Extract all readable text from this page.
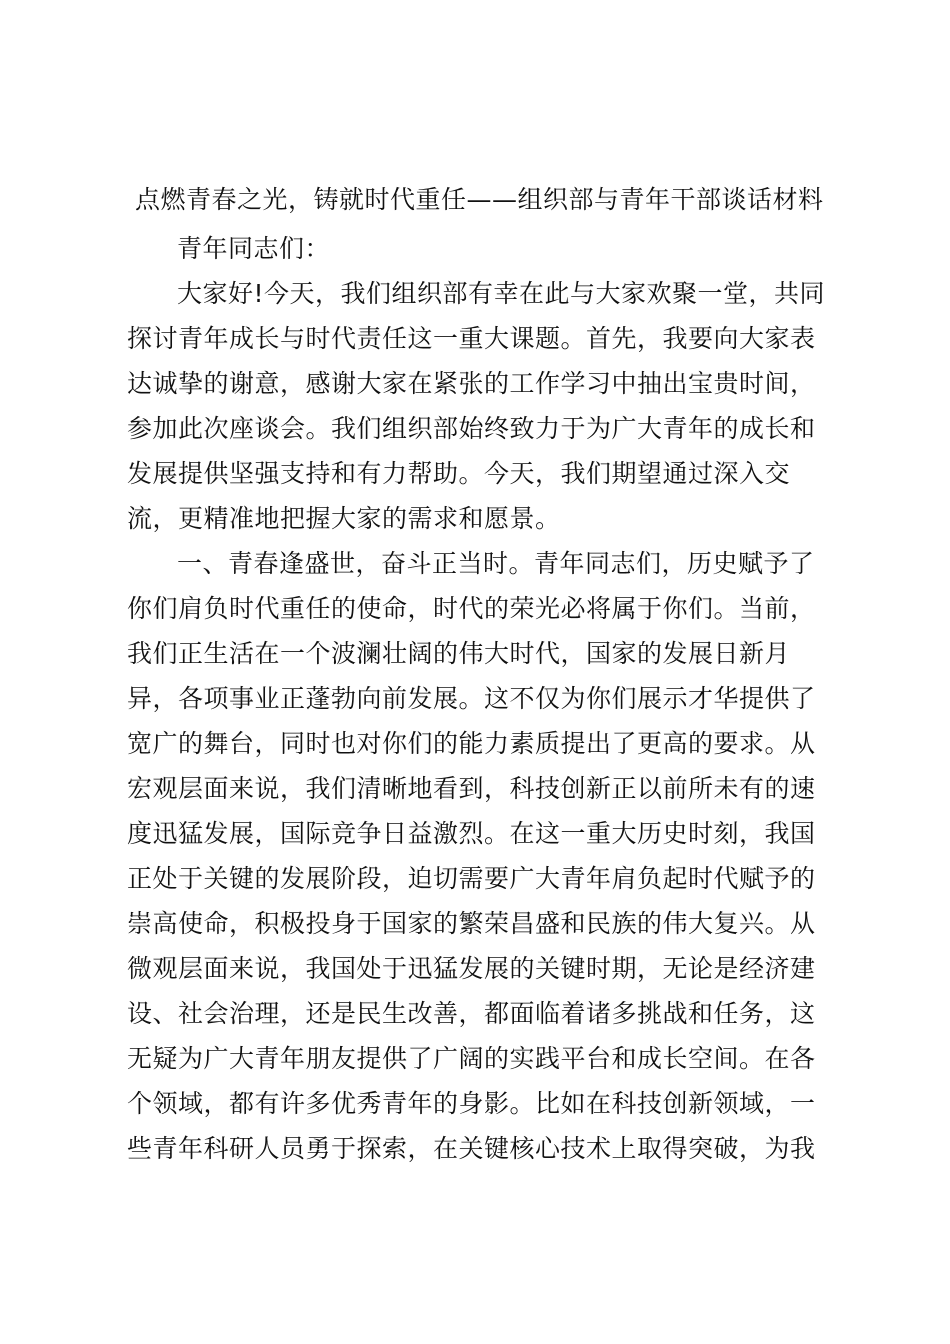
点燃青春之光，铸就时代重任——组织部与青年干部谈话材料

青年同志们：

大家好!今天，我们组织部有幸在此与大家欢聚一堂，共同
探讨青年成长与时代责任这一重大课题。首先，我要向大家表
达诚挚的谢意，感谢大家在紧张的工作学习中抽出宝贵时间，
参加此次座谈会。我们组织部始终致力于为广大青年的成长和
发展提供坚强支持和有力帮助。今天，我们期望通过深入交
流，更精准地把握大家的需求和愿景。

一、青春逢盛世，奋斗正当时。青年同志们，历史赋予了
你们肩负时代重任的使命，时代的荣光必将属于你们。当前，
我们正生活在一个波澜壮阔的伟大时代，国家的发展日新月
异，各项事业正蓬勃向前发展。这不仅为你们展示才华提供了
宽广的舞台，同时也对你们的能力素质提出了更高的要求。从
宏观层面来说，我们清晰地看到，科技创新正以前所未有的速
度迅猛发展，国际竞争日益激烈。在这一重大历史时刻，我国
正处于关键的发展阶段，迫切需要广大青年肩负起时代赋予的
崇高使命，积极投身于国家的繁荣昌盛和民族的伟大复兴。从
微观层面来说，我国处于迅猛发展的关键时期，无论是经济建
设、社会治理，还是民生改善，都面临着诸多挑战和任务，这
无疑为广大青年朋友提供了广阔的实践平台和成长空间。在各
个领域，都有许多优秀青年的身影。比如在科技创新领域，一
些青年科研人员勇于探索，在关键核心技术上取得突破，为我
